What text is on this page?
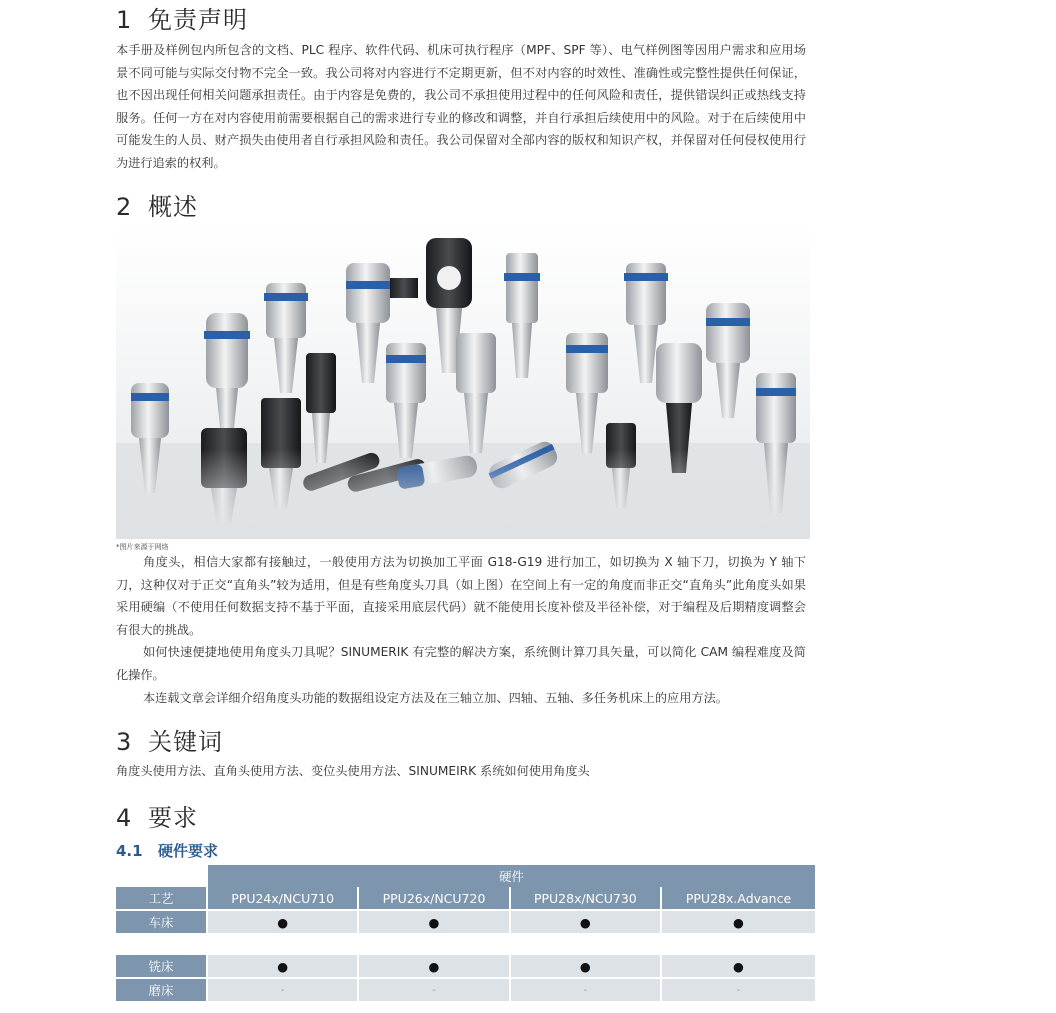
1 免责声明

本手册及样例包内所包含的文档、PLC 程序、软件代码、机床可执行程序（MPF、SPF 等）、电气样例图等因用户需求和应用场景不同可能与实际交付物不完全一致。我公司将对内容进行不定期更新，但不对内容的时效性、准确性或完整性提供任何保证，也不因出现任何相关问题承担责任。由于内容是免费的，我公司不承担使用过程中的任何风险和责任，提供错误纠正或热线支持服务。任何一方在对内容使用前需要根据自己的需求进行专业的修改和调整，并自行承担后续使用中的风险。对于在后续使用中可能发生的人员、财产损失由使用者自行承担风险和责任。我公司保留对全部内容的版权和知识产权，并保留对任何侵权使用行为进行追索的权利。

2 概述

*图片来源于网络

角度头，相信大家都有接触过，一般使用方法为切换加工平面 G18-G19 进行加工，如切换为 X 轴下刀，切换为 Y 轴下刀，这种仅对于正交“直角头”较为适用，但是有些角度头刀具（如上图）在空间上有一定的角度而非正交“直角头”此角度头如果采用硬编（不使用任何数据支持不基于平面，直接采用底层代码）就不能使用长度补偿及半径补偿，对于编程及后期精度调整会有很大的挑战。

如何快速便捷地使用角度头刀具呢？SINUMERIK 有完整的解决方案，系统侧计算刀具矢量，可以简化 CAM 编程难度及简化操作。

本连载文章会详细介绍角度头功能的数据组设定方法及在三轴立加、四轴、五轴、多任务机床上的应用方法。

3 关键词

角度头使用方法、直角头使用方法、变位头使用方法、SINUMEIRK 系统如何使用角度头

4 要求
4.1 硬件要求
	硬件			
工艺	PPU24x/NCU710	PPU26x/NCU720	PPU28x/NCU730	PPU28x.Advance
车床	●	●	●	●

铣床	●	●	●	●
磨床	-	-	-	-
